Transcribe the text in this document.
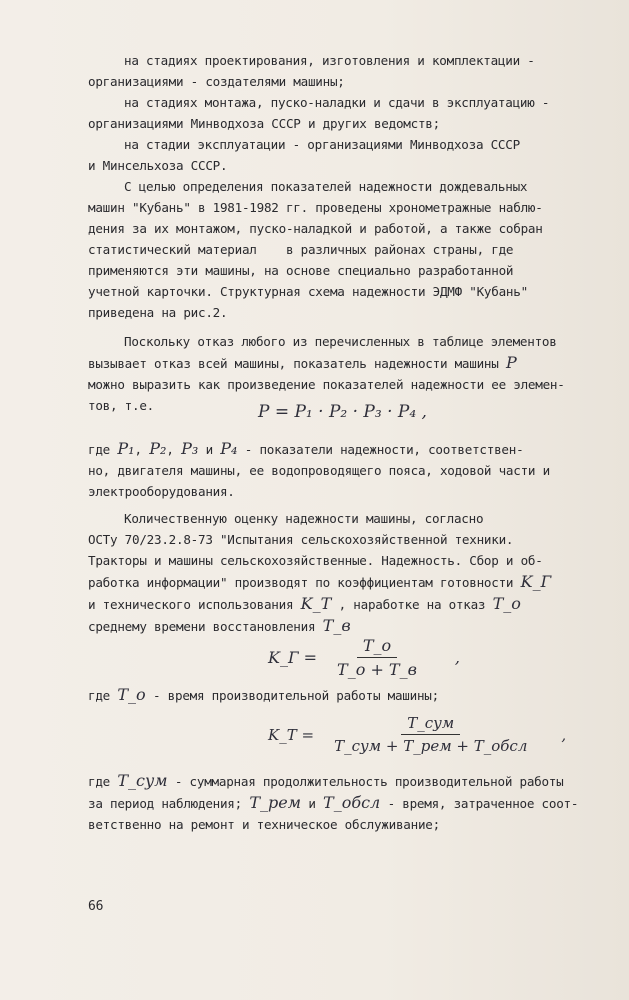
на стадиях проектирования, изготовления и комплектации -
организациями - создателями машины;
на стадиях монтажа, пуско-наладки и сдачи в эксплуатацию -
организациями Минводхоза СССР и других ведомств;
на стадии эксплуатации - организациями Минводхоза СССР
и Минсельхоза СССР.
С целью определения показателей надежности дождевальных
машин "Кубань" в 1981-1982 гг. проведены хронометражные наблю-
дения за их монтажом, пуско-наладкой и работой, а также собран
статистический материал    в различных районах страны, где
применяются эти машины, на основе специально разработанной
учетной карточки. Структурная схема надежности ЭДМФ "Кубань"
приведена на рис.2.
Поскольку отказ любого из перечисленных в таблице элементов
вызывает отказ всей машины, показатель надежности машины P
можно выразить как произведение показателей надежности ее элемен-
тов, т.е.	P = P₁ · P₂ · P₃ · P₄ ,
где P₁, P₂, P₃ и P₄ - показатели надежности, соответствен-
но, двигателя машины, ее водопроводящего пояса, ходовой части и
электрооборудования.
Количественную оценку надежности машины, согласно
ОСТу 70/23.2.8-73 "Испытания сельскохозяйственной техники.
Тракторы и машины сельскохозяйственные. Надежность. Сбор и об-
работка информации" производят по коэффициентам готовности K_Г
и технического использования K_Т , наработке на отказ T_o
среднему времени восстановления T_в
K_Г = $\frac{T\_o}{T\_o + T\_в}$ ,
где T_o - время производительной работы машины;
K_Т = $\frac{\text{T\_сум}}{\text{T\_сум + T\_рем + T\_обсл}}$ ,
где T_сум - суммарная продолжительность производительной работы
за период наблюдения; T_рем и T_обсл - время, затраченное соот-
ветственно на ремонт и техническое обслуживание;
66
